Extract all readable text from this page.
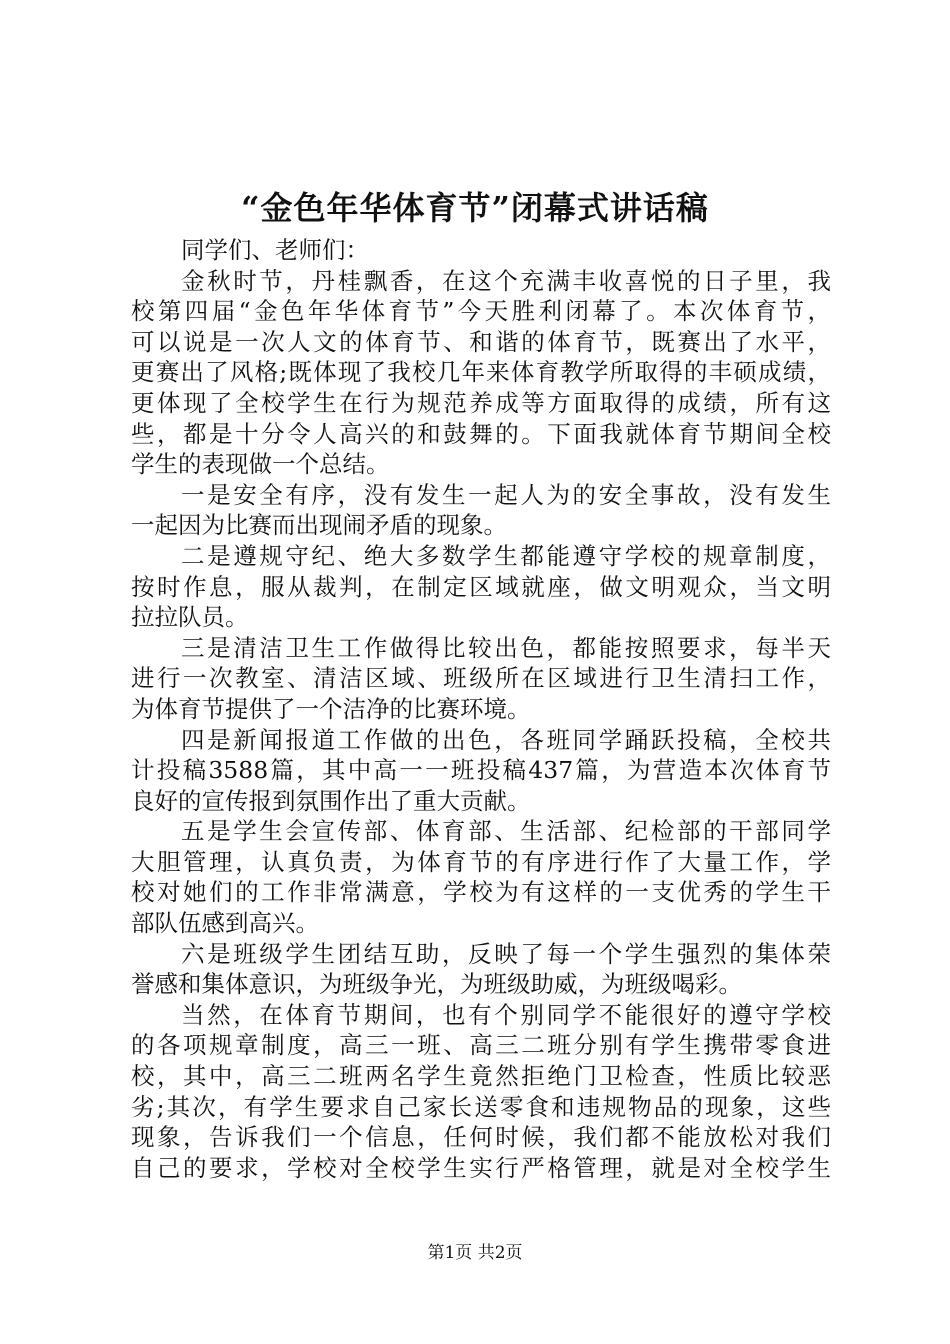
“金色年华体育节”闭幕式讲话稿
同学们、老师们：
金秋时节，丹桂飘香，在这个充满丰收喜悦的日子里，我
校第四届“金色年华体育节”今天胜利闭幕了。本次体育节，
可以说是一次人文的体育节、和谐的体育节，既赛出了水平，
更赛出了风格;既体现了我校几年来体育教学所取得的丰硕成绩，
更体现了全校学生在行为规范养成等方面取得的成绩，所有这
些，都是十分令人高兴的和鼓舞的。下面我就体育节期间全校
学生的表现做一个总结。
一是安全有序，没有发生一起人为的安全事故，没有发生
一起因为比赛而出现闹矛盾的现象。
二是遵规守纪、绝大多数学生都能遵守学校的规章制度，
按时作息，服从裁判，在制定区域就座，做文明观众，当文明
拉拉队员。
三是清洁卫生工作做得比较出色，都能按照要求，每半天
进行一次教室、清洁区域、班级所在区域进行卫生清扫工作，
为体育节提供了一个洁净的比赛环境。
四是新闻报道工作做的出色，各班同学踊跃投稿，全校共
计投稿3588篇，其中高一一班投稿437篇，为营造本次体育节
良好的宣传报到氛围作出了重大贡献。
五是学生会宣传部、体育部、生活部、纪检部的干部同学
大胆管理，认真负责，为体育节的有序进行作了大量工作，学
校对她们的工作非常满意，学校为有这样的一支优秀的学生干
部队伍感到高兴。
六是班级学生团结互助，反映了每一个学生强烈的集体荣
誉感和集体意识，为班级争光，为班级助威，为班级喝彩。
当然，在体育节期间，也有个别同学不能很好的遵守学校
的各项规章制度，高三一班、高三二班分别有学生携带零食进
校，其中，高三二班两名学生竟然拒绝门卫检查，性质比较恶
劣;其次，有学生要求自己家长送零食和违规物品的现象，这些
现象，告诉我们一个信息，任何时候，我们都不能放松对我们
自己的要求，学校对全校学生实行严格管理，就是对全校学生
第1页 共2页
